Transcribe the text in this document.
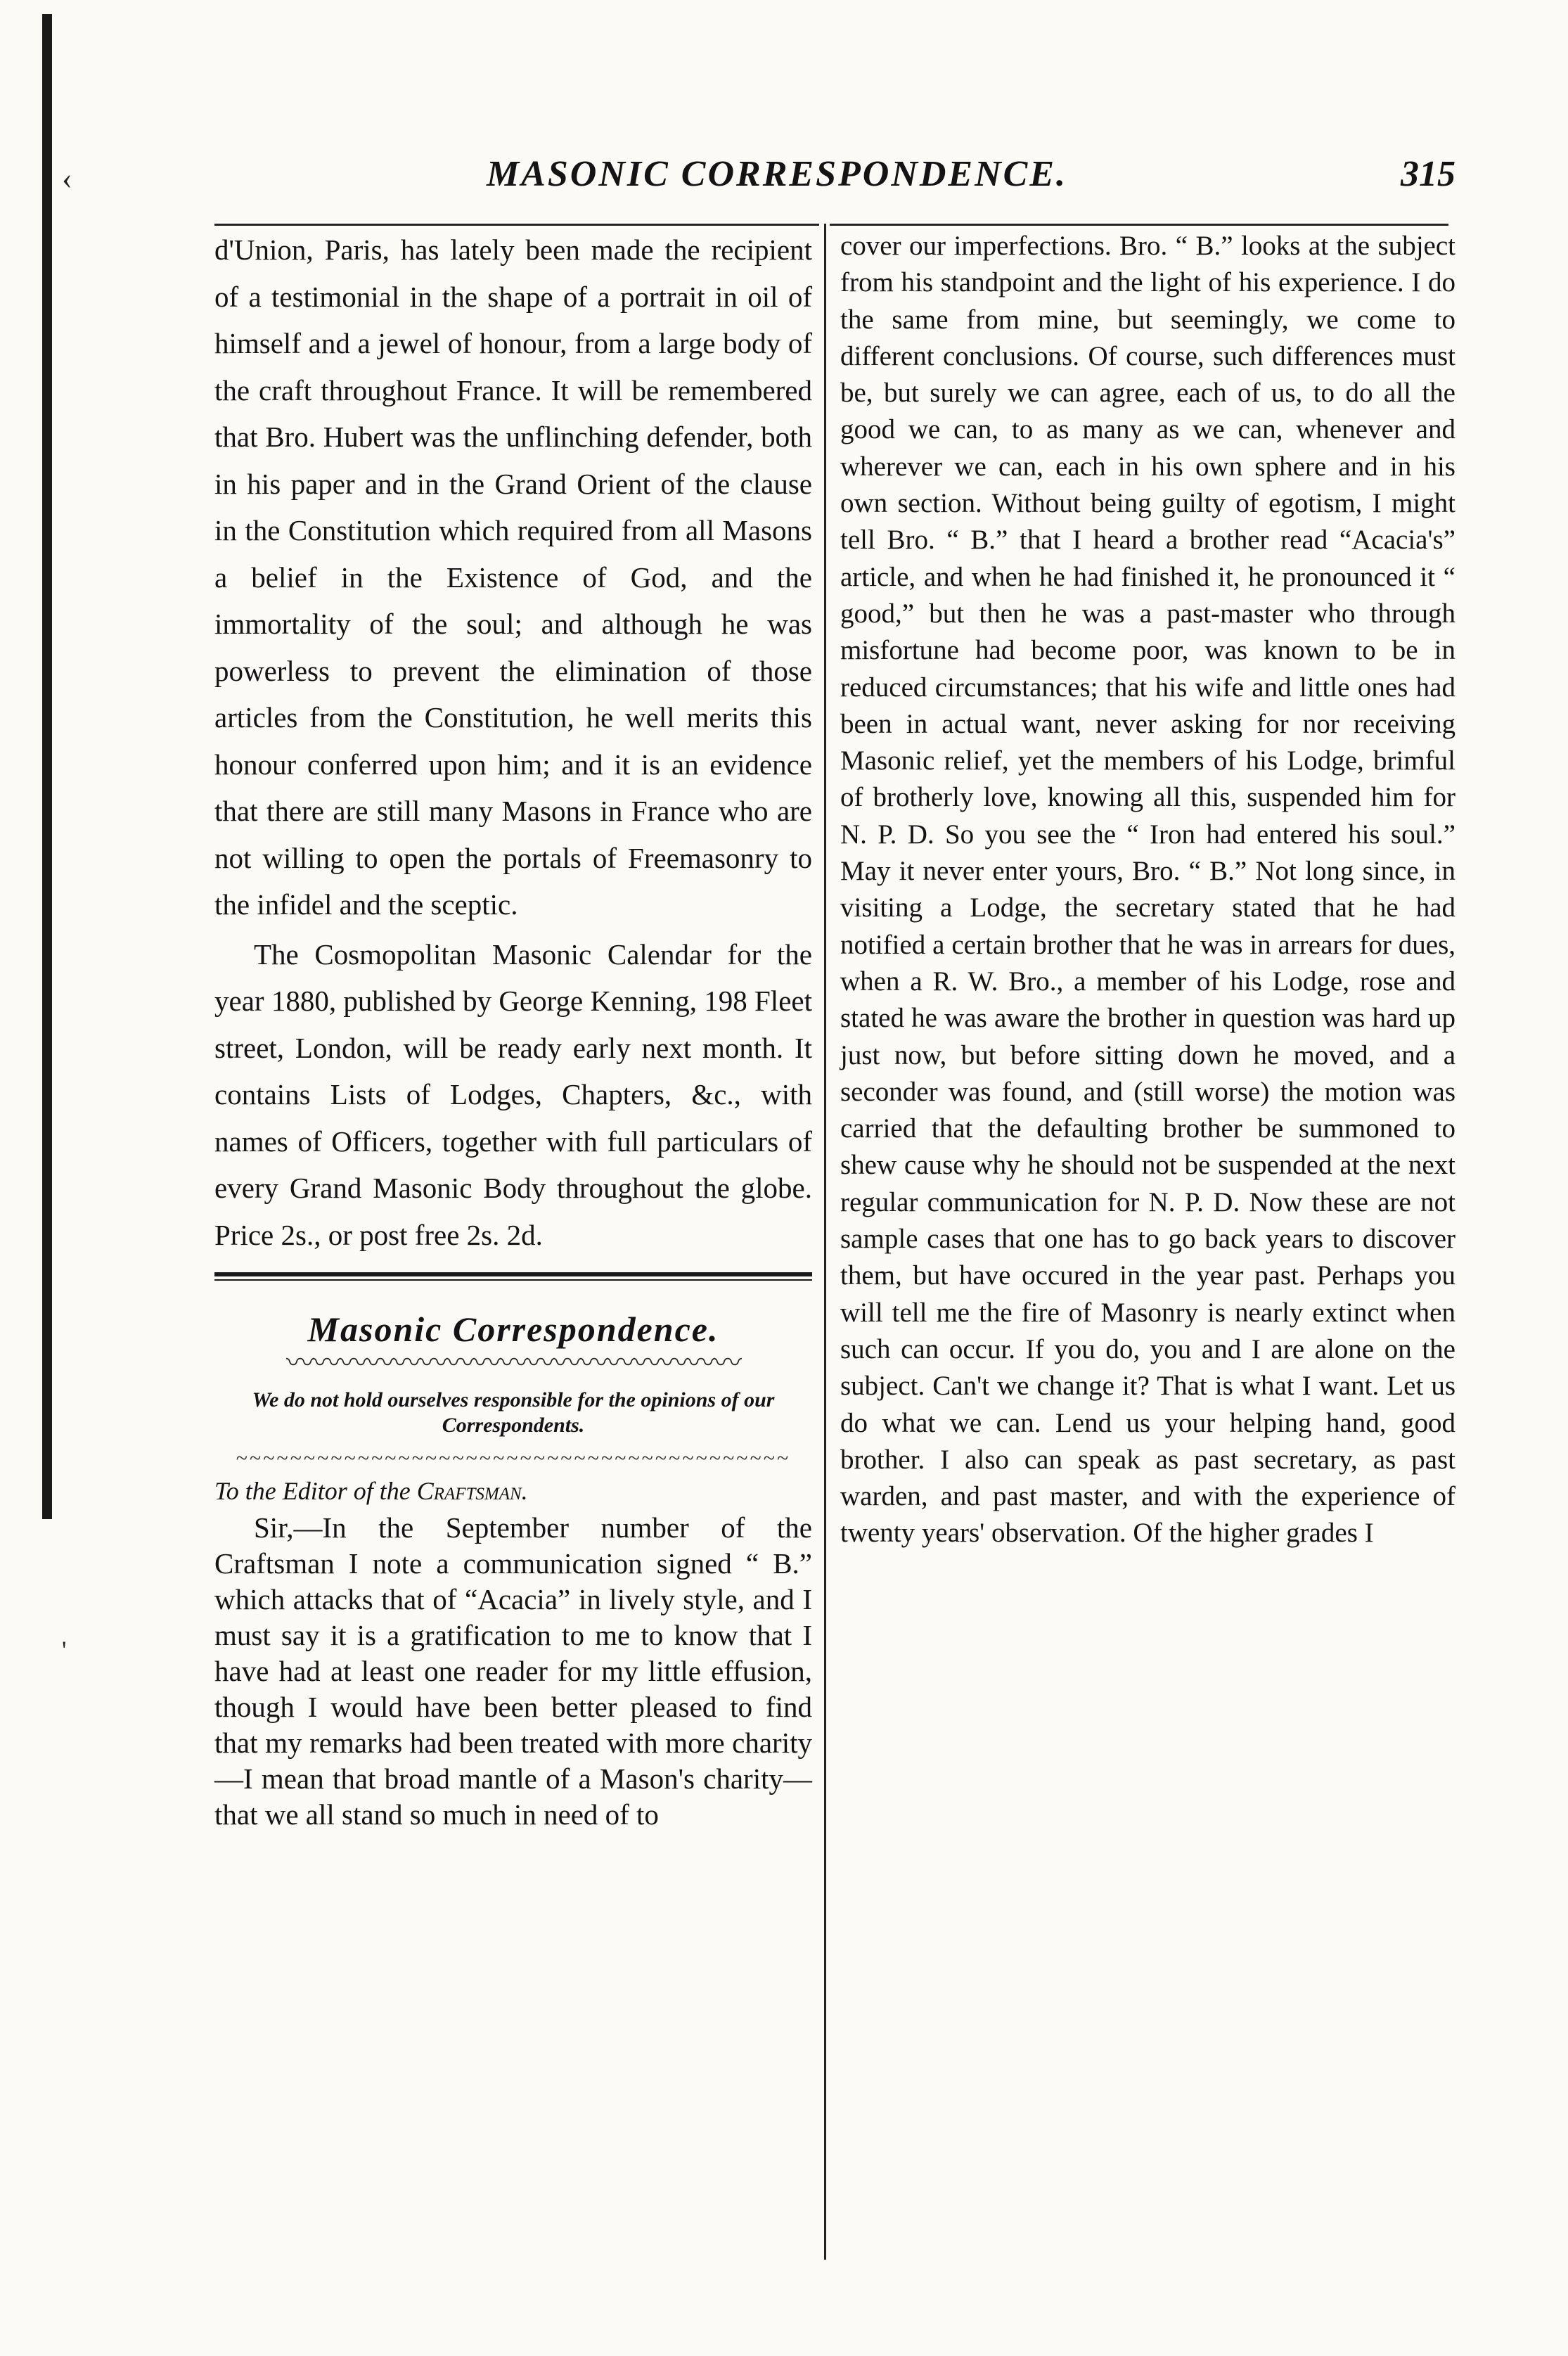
‹
'
MASONIC CORRESPONDENCE.	315

d'Union, Paris, has lately been made the recipient of a testimonial in the shape of a portrait in oil of himself and a jewel of honour, from a large body of the craft throughout France. It will be remembered that Bro. Hubert was the unflinching defender, both in his paper and in the Grand Orient of the clause in the Constitution which required from all Masons a belief in the Existence of God, and the immortality of the soul; and although he was powerless to prevent the elimination of those articles from the Constitution, he well merits this honour conferred upon him; and it is an evidence that there are still many Masons in France who are not willing to open the portals of Freemasonry to the infidel and the sceptic.

The Cosmopolitan Masonic Calendar for the year 1880, published by George Kenning, 198 Fleet street, London, will be ready early next month. It contains Lists of Lodges, Chapters, &c., with names of Officers, together with full particulars of every Grand Masonic Body throughout the globe. Price 2s., or post free 2s. 2d.

Masonic Correspondence.
〰〰〰〰〰〰〰〰〰〰〰〰〰〰〰〰〰
We do not hold ourselves responsible for the opinions of our Correspondents.
~~~~~~~~~~~~~~~~~~~~~~~~~~~~~~~~~~~~~~~~~
To the Editor of the Craftsman.

Sir,—In the September number of the Craftsman I note a communication signed “ B.” which attacks that of “Acacia” in lively style, and I must say it is a gratification to me to know that I have had at least one reader for my little effusion, though I would have been better pleased to find that my remarks had been treated with more charity—I mean that broad mantle of a Mason's charity—that we all stand so much in need of to

cover our imperfections. Bro. “ B.” looks at the subject from his standpoint and the light of his experience. I do the same from mine, but seemingly, we come to different conclusions. Of course, such differences must be, but surely we can agree, each of us, to do all the good we can, to as many as we can, whenever and wherever we can, each in his own sphere and in his own section. Without being guilty of egotism, I might tell Bro. “ B.” that I heard a brother read “Acacia's” article, and when he had finished it, he pronounced it “ good,” but then he was a past-master who through misfortune had become poor, was known to be in reduced circumstances; that his wife and little ones had been in actual want, never asking for nor receiving Masonic relief, yet the members of his Lodge, brimful of brotherly love, knowing all this, suspended him for N. P. D. So you see the “ Iron had entered his soul.” May it never enter yours, Bro. “ B.” Not long since, in visiting a Lodge, the secretary stated that he had notified a certain brother that he was in arrears for dues, when a R. W. Bro., a member of his Lodge, rose and stated he was aware the brother in question was hard up just now, but before sitting down he moved, and a seconder was found, and (still worse) the motion was carried that the defaulting brother be summoned to shew cause why he should not be suspended at the next regular communication for N. P. D. Now these are not sample cases that one has to go back years to discover them, but have occured in the year past. Perhaps you will tell me the fire of Masonry is nearly extinct when such can occur. If you do, you and I are alone on the subject. Can't we change it? That is what I want. Let us do what we can. Lend us your helping hand, good brother. I also can speak as past secretary, as past warden, and past master, and with the experience of twenty years' observation. Of the higher grades I
